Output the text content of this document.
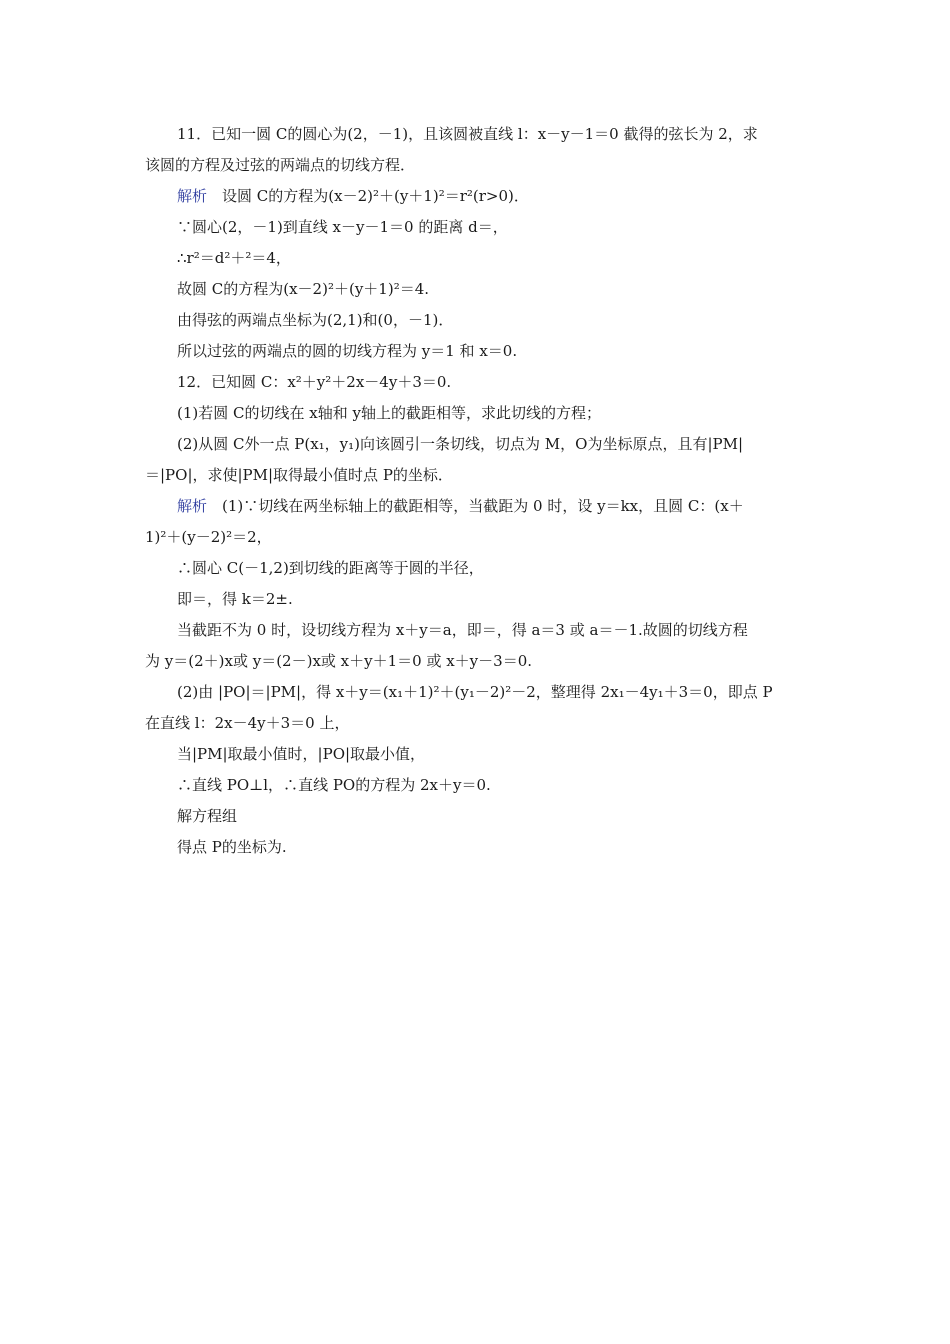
11．已知一圆 C的圆心为(2，－1)，且该圆被直线 l：x－y－1＝0 截得的弦长为 2，求
该圆的方程及过弦的两端点的切线方程．
解析　设圆 C的方程为(x－2)²＋(y＋1)²＝r²(r>0)．
∵圆心(2，－1)到直线 x－y－1＝0 的距离 d＝，
∴r²＝d²＋²＝4，
故圆 C的方程为(x－2)²＋(y＋1)²＝4.
由得弦的两端点坐标为(2,1)和(0，－1)．
所以过弦的两端点的圆的切线方程为 y＝1 和 x＝0.
12．已知圆 C：x²＋y²＋2x－4y＋3＝0.
(1)若圆 C的切线在 x轴和 y轴上的截距相等，求此切线的方程；
(2)从圆 C外一点 P(x₁，y₁)向该圆引一条切线，切点为 M，O为坐标原点，且有|PM|
＝|PO|，求使|PM|取得最小值时点 P的坐标．
解析　(1)∵切线在两坐标轴上的截距相等，当截距为 0 时，设 y＝kx，且圆 C：(x＋
1)²＋(y－2)²＝2，
∴圆心 C(－1,2)到切线的距离等于圆的半径，
即＝，得 k＝2±.
当截距不为 0 时，设切线方程为 x＋y＝a，即＝，得 a＝3 或 a＝－1.故圆的切线方程
为 y＝(2＋)x或 y＝(2－)x或 x＋y＋1＝0 或 x＋y－3＝0.
(2)由 |PO|＝|PM|，得 x＋y＝(x₁＋1)²＋(y₁－2)²－2，整理得 2x₁－4y₁＋3＝0，即点 P
在直线 l：2x－4y＋3＝0 上，
当|PM|取最小值时，|PO|取最小值，
∴直线 PO⊥l，∴直线 PO的方程为 2x＋y＝0.
解方程组
得点 P的坐标为.
